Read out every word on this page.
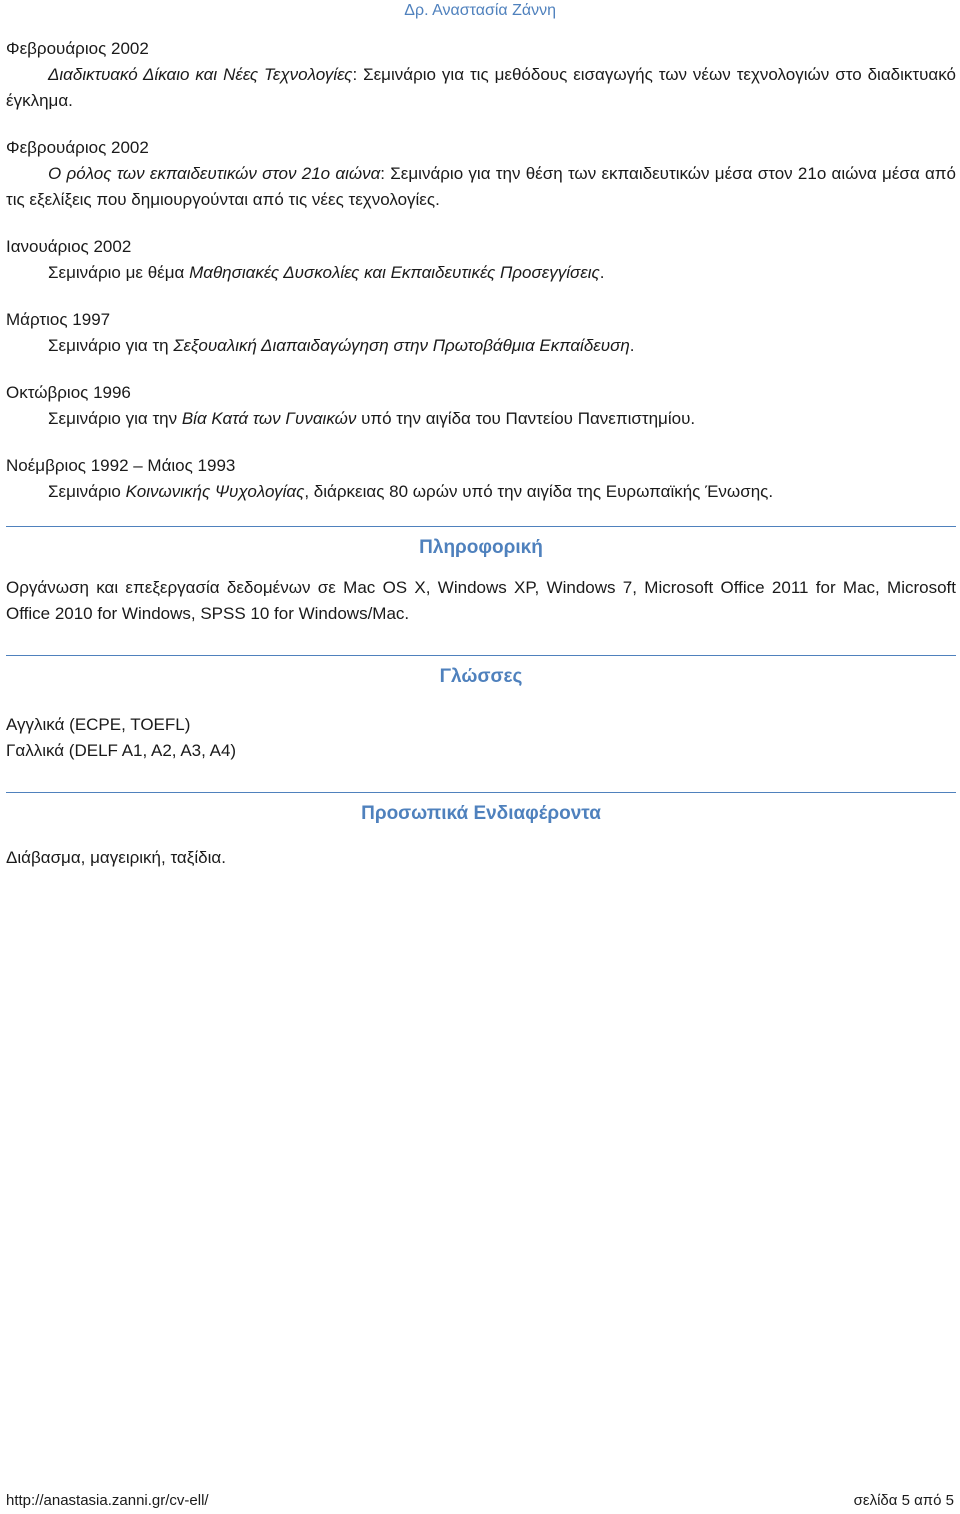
Δρ. Αναστασία Ζάννη
Φεβρουάριος 2002
Διαδικτυακό Δίκαιο και Νέες Τεχνολογίες: Σεμινάριο για τις μεθόδους εισαγωγής των νέων τεχνολογιών στο διαδικτυακό έγκλημα.
Φεβρουάριος 2002
Ο ρόλος των εκπαιδευτικών στον 21ο αιώνα: Σεμινάριο για την θέση των εκπαιδευτικών μέσα στον 21ο αιώνα μέσα από τις εξελίξεις που δημιουργούνται από τις νέες τεχνολογίες.
Ιανουάριος 2002
Σεμινάριο με θέμα Μαθησιακές Δυσκολίες και Εκπαιδευτικές Προσεγγίσεις.
Μάρτιος 1997
Σεμινάριο για τη Σεξουαλική Διαπαιδαγώγηση στην Πρωτοβάθμια Εκπαίδευση.
Οκτώβριος 1996
Σεμινάριο για την Βία Κατά των Γυναικών υπό την αιγίδα του Παντείου Πανεπιστημίου.
Νοέμβριος 1992 – Μάιος 1993
Σεμινάριο Κοινωνικής Ψυχολογίας, διάρκειας 80 ωρών υπό την αιγίδα της Ευρωπαϊκής Ένωσης.
Πληροφορική
Οργάνωση και επεξεργασία δεδομένων σε Mac OS X, Windows XP, Windows 7, Microsoft Office 2011 for Mac, Microsoft Office 2010 for Windows, SPSS 10 for Windows/Mac.
Γλώσσες
Αγγλικά (ECPE, TOEFL)
Γαλλικά (DELF A1, A2, A3, A4)
Προσωπικά Ενδιαφέροντα
Διάβασμα, μαγειρική, ταξίδια.
http://anastasia.zanni.gr/cv-ell/	σελίδα 5 από 5
